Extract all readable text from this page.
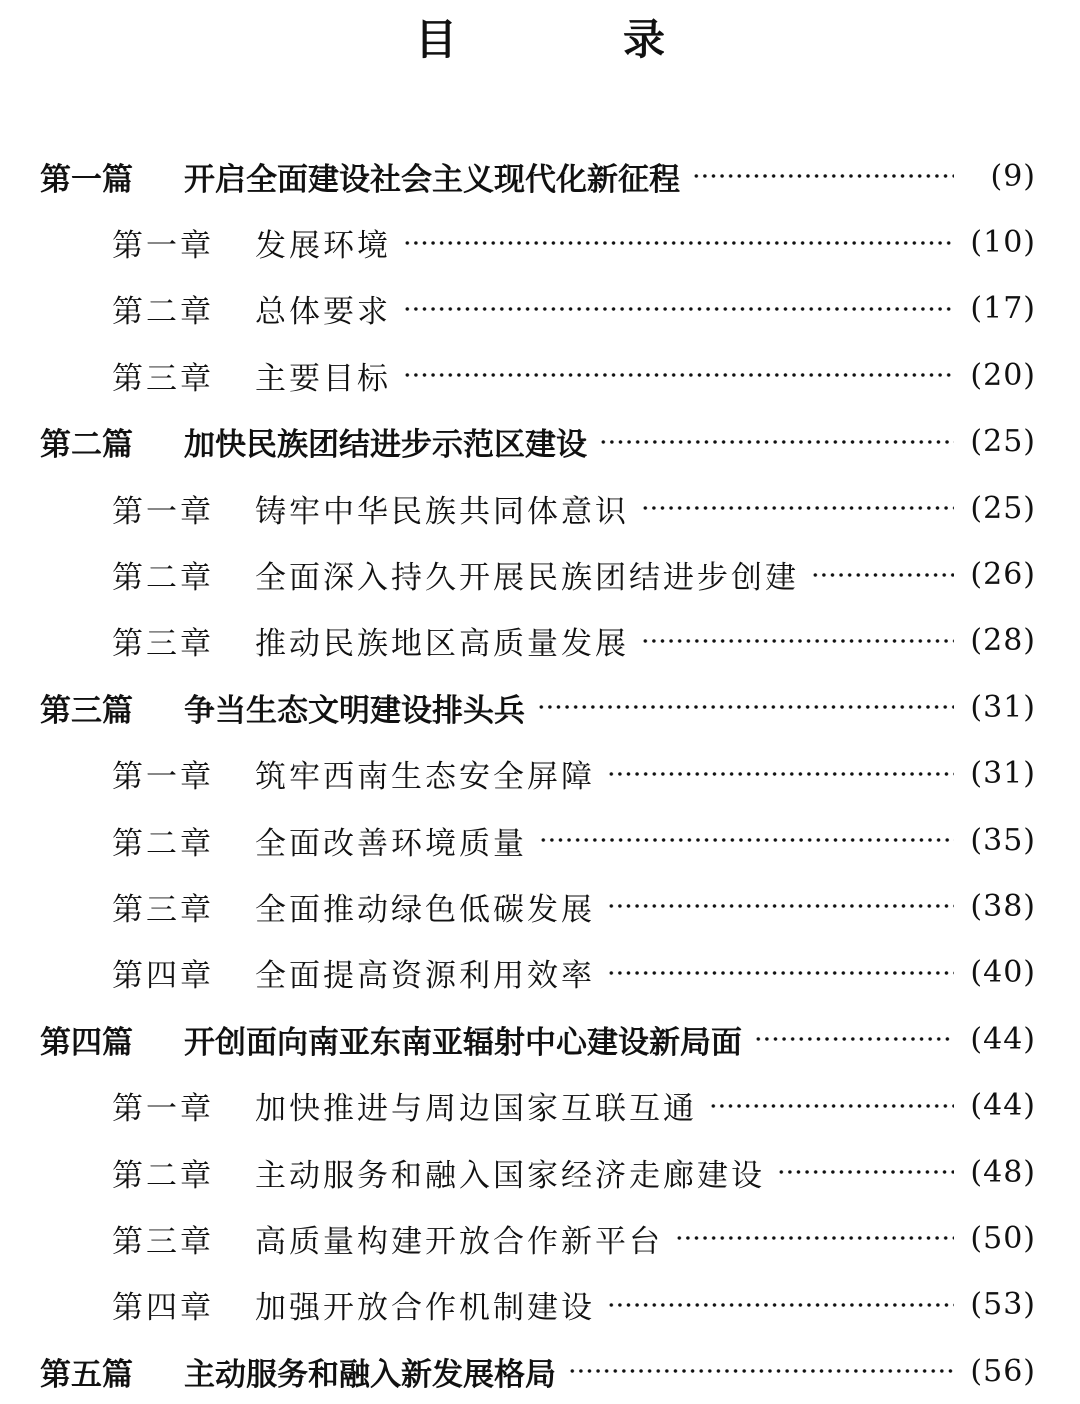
目　录
第一篇	开启全面建设社会主义现代化新征程	(9)
第一章	发展环境	(10)
第二章	总体要求	(17)
第三章	主要目标	(20)
第二篇	加快民族团结进步示范区建设	(25)
第一章	铸牢中华民族共同体意识	(25)
第二章	全面深入持久开展民族团结进步创建	(26)
第三章	推动民族地区高质量发展	(28)
第三篇	争当生态文明建设排头兵	(31)
第一章	筑牢西南生态安全屏障	(31)
第二章	全面改善环境质量	(35)
第三章	全面推动绿色低碳发展	(38)
第四章	全面提高资源利用效率	(40)
第四篇	开创面向南亚东南亚辐射中心建设新局面	(44)
第一章	加快推进与周边国家互联互通	(44)
第二章	主动服务和融入国家经济走廊建设	(48)
第三章	高质量构建开放合作新平台	(50)
第四章	加强开放合作机制建设	(53)
第五篇	主动服务和融入新发展格局	(56)
